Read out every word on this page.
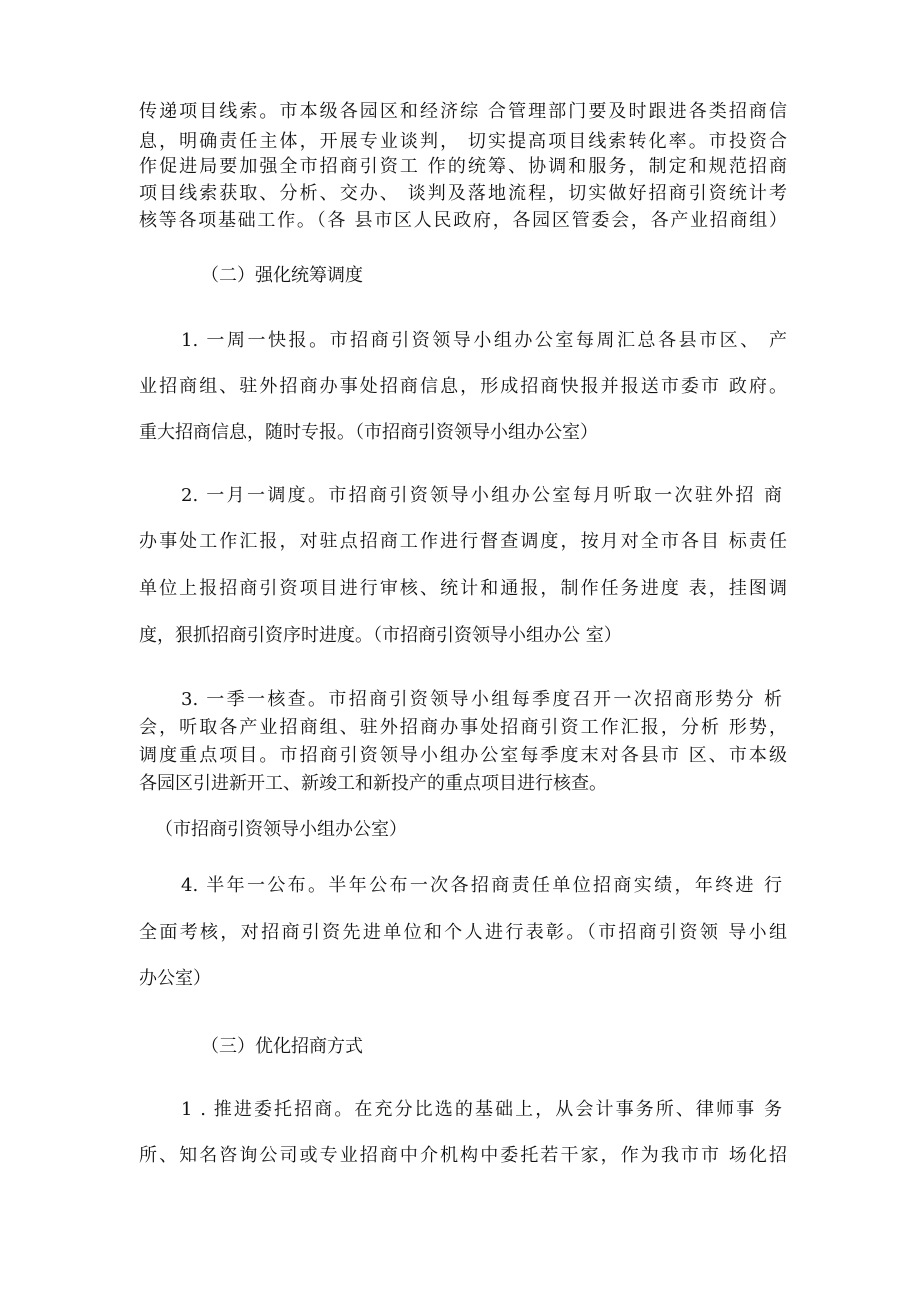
传递项目线索。市本级各园区和经济综 合管理部门要及时跟进各类招商信
息，明确责任主体，开展专业谈判， 切实提高项目线索转化率。市投资合
作促进局要加强全市招商引资工 作的统筹、协调和服务，制定和规范招商
项目线索获取、分析、交办、 谈判及落地流程，切实做好招商引资统计考
核等各项基础工作。（各 县市区人民政府，各园区管委会，各产业招商组）
（二）强化统筹调度
1. 一周一快报。市招商引资领导小组办公室每周汇总各县市区、 产
业招商组、驻外招商办事处招商信息，形成招商快报并报送市委市 政府。
重大招商信息，随时专报。（市招商引资领导小组办公室）
2. 一月一调度。市招商引资领导小组办公室每月听取一次驻外招 商
办事处工作汇报，对驻点招商工作进行督查调度，按月对全市各目 标责任
单位上报招商引资项目进行审核、统计和通报，制作任务进度 表，挂图调
度，狠抓招商引资序时进度。（市招商引资领导小组办公 室）
3. 一季一核查。市招商引资领导小组每季度召开一次招商形势分 析
会，听取各产业招商组、驻外招商办事处招商引资工作汇报，分析 形势，
调度重点项目。市招商引资领导小组办公室每季度末对各县市 区、市本级
各园区引进新开工、新竣工和新投产的重点项目进行核查。
（市招商引资领导小组办公室）
4. 半年一公布。半年公布一次各招商责任单位招商实绩，年终进 行
全面考核，对招商引资先进单位和个人进行表彰。（市招商引资领 导小组
办公室）
（三）优化招商方式
1 . 推进委托招商。在充分比选的基础上，从会计事务所、律师事 务
所、知名咨询公司或专业招商中介机构中委托若干家，作为我市市 场化招
